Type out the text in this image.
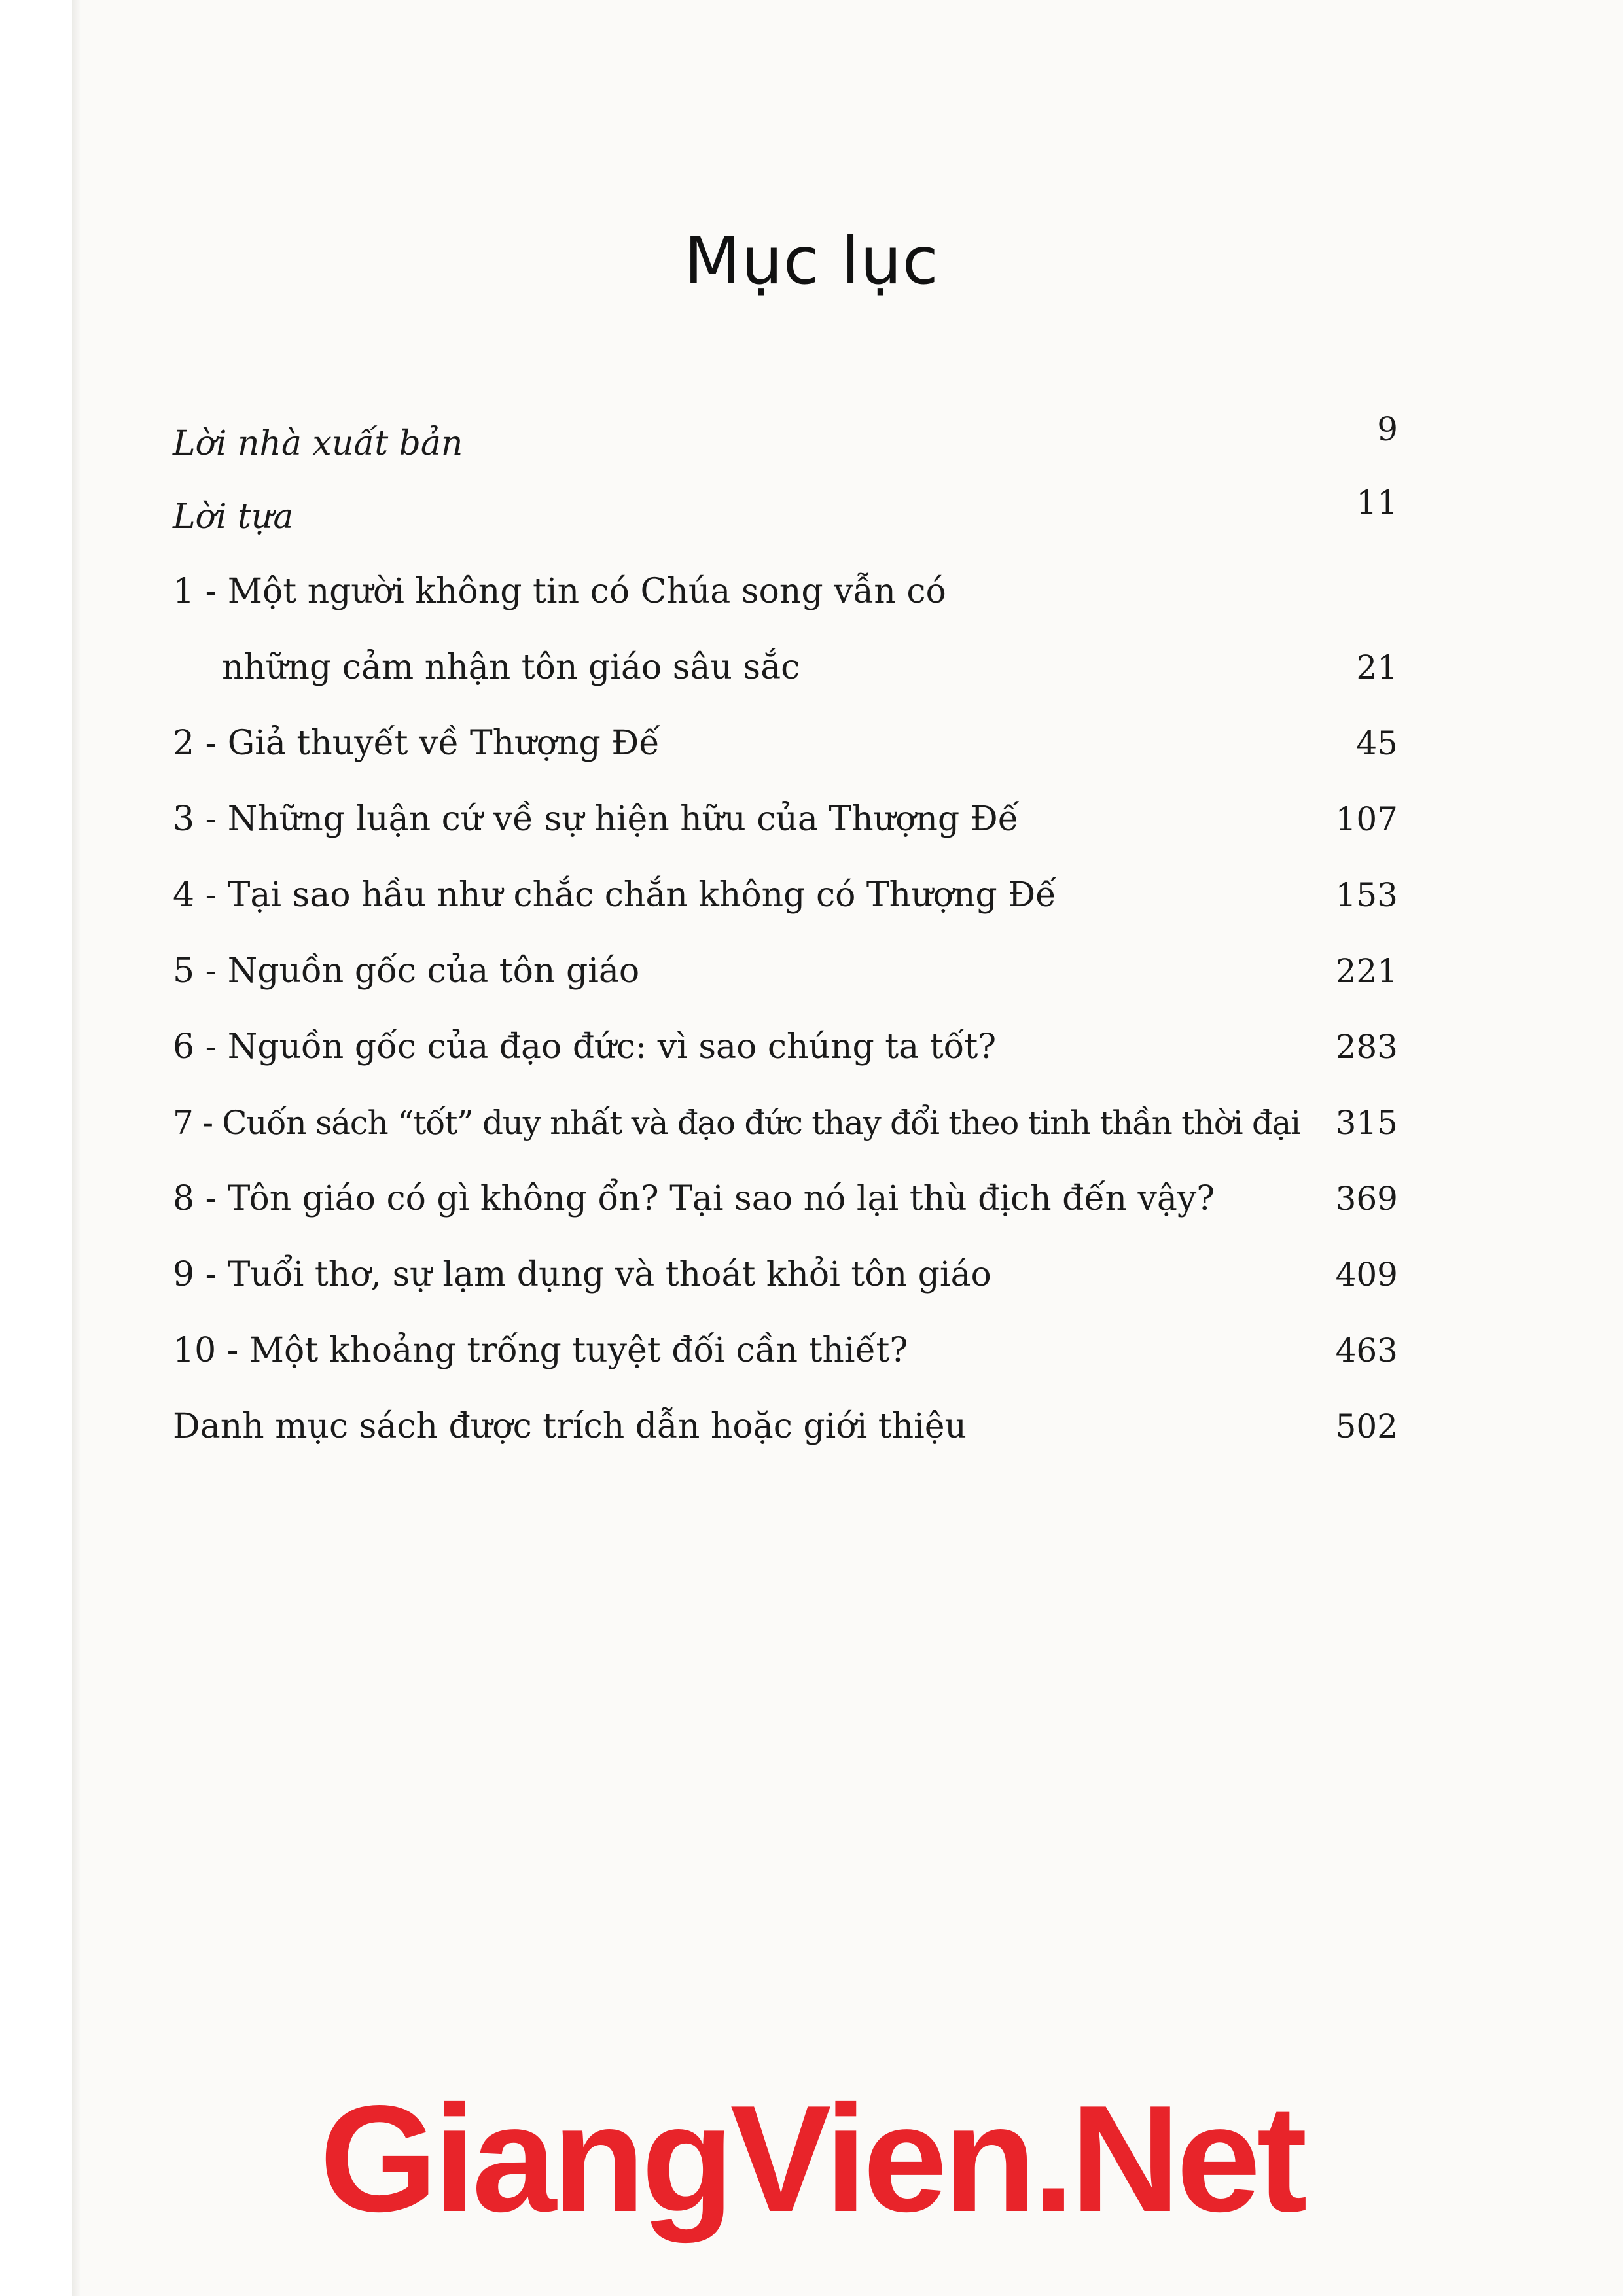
Mục lục
Lời nhà xuất bản	9
Lời tựa	11
1 - Một người không tin có Chúa song vẫn có
những cảm nhận tôn giáo sâu sắc	21
2 - Giả thuyết về Thượng Đế	45
3 - Những luận cứ về sự hiện hữu của Thượng Đế	107
4 - Tại sao hầu như chắc chắn không có Thượng Đế	153
5 - Nguồn gốc của tôn giáo	221
6 - Nguồn gốc của đạo đức: vì sao chúng ta tốt?	283
7 - Cuốn sách “tốt” duy nhất và đạo đức thay đổi theo tinh thần thời đại 315
8 - Tôn giáo có gì không ổn? Tại sao nó lại thù địch đến vậy?	369
9 - Tuổi thơ, sự lạm dụng và thoát khỏi tôn giáo	409
10 - Một khoảng trống tuyệt đối cần thiết?	463
Danh mục sách được trích dẫn hoặc giới thiệu	502
GiangVien.Net
